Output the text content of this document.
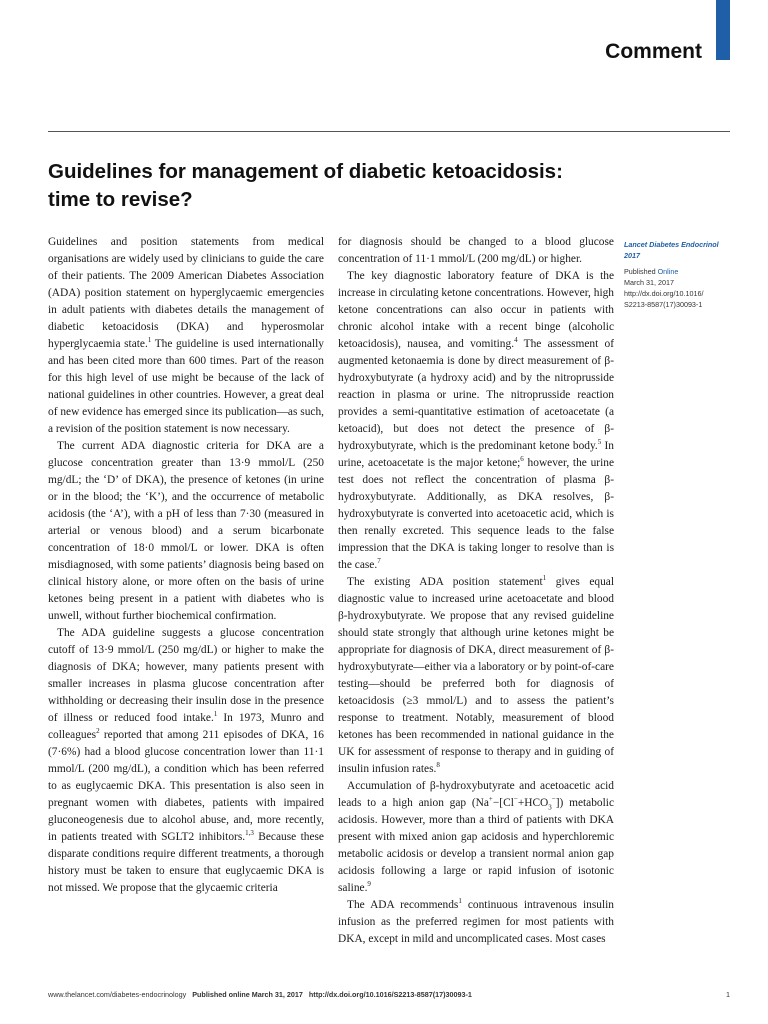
Comment
Guidelines for management of diabetic ketoacidosis:
time to revise?

Guidelines and position statements from medical organisations are widely used by clinicians to guide the care of their patients. The 2009 American Diabetes Association (ADA) position statement on hyperglycaemic emergencies in adult patients with diabetes details the management of diabetic ketoacidosis (DKA) and hyperosmolar hyperglycaemia state.$^1$ The guideline is used internationally and has been cited more than 600 times. Part of the reason for this high level of use might be because of the lack of national guidelines in other countries. However, a great deal of new evidence has emerged since its publication—as such, a revision of the position statement is now necessary.

The current ADA diagnostic criteria for DKA are a glucose concentration greater than 13·9 mmol/L (250 mg/dL; the ‘D’ of DKA), the presence of ketones (in urine or in the blood; the ‘K’), and the occurrence of metabolic acidosis (the ‘A’), with a pH of less than 7·30 (measured in arterial or venous blood) and a serum bicarbonate concentration of 18·0 mmol/L or lower. DKA is often misdiagnosed, with some patients’ diagnosis being based on clinical history alone, or more often on the basis of urine ketones being present in a patient with diabetes who is unwell, without further biochemical confirmation.

The ADA guideline suggests a glucose concentration cutoff of 13·9 mmol/L (250 mg/dL) or higher to make the diagnosis of DKA; however, many patients present with smaller increases in plasma glucose concentration after withholding or decreasing their insulin dose in the presence of illness or reduced food intake.$^1$ In 1973, Munro and colleagues$^2$ reported that among 211 episodes of DKA, 16 (7·6%) had a blood glucose concentration lower than 11·1 mmol/L (200 mg/dL), a condition which has been referred to as euglycaemic DKA. This presentation is also seen in pregnant women with diabetes, patients with impaired gluconeogenesis due to alcohol abuse, and, more recently, in patients treated with SGLT2 inhibitors.$^{1,3}$ Because these disparate conditions require different treatments, a thorough history must be taken to ensure that euglycaemic DKA is not missed. We propose that the glycaemic criteria

for diagnosis should be changed to a blood glucose concentration of 11·1 mmol/L (200 mg/dL) or higher.

The key diagnostic laboratory feature of DKA is the increase in circulating ketone concentrations. However, high ketone concentrations can also occur in patients with chronic alcohol intake with a recent binge (alcoholic ketoacidosis), nausea, and vomiting.$^4$ The assessment of augmented ketonaemia is done by direct measurement of β-hydroxybutyrate (a hydroxy acid) and by the nitroprusside reaction in plasma or urine. The nitroprusside reaction provides a semi-quantitative estimation of acetoacetate (a ketoacid), but does not detect the presence of β-hydroxybutyrate, which is the predominant ketone body.$^5$ In urine, acetoacetate is the major ketone;$^6$ however, the urine test does not reflect the concentration of plasma β-hydroxybutyrate. Additionally, as DKA resolves, β-hydroxybutyrate is converted into acetoacetic acid, which is then renally excreted. This sequence leads to the false impression that the DKA is taking longer to resolve than is the case.$^7$

The existing ADA position statement$^1$ gives equal diagnostic value to increased urine acetoacetate and blood β-hydroxybutyrate. We propose that any revised guideline should state strongly that although urine ketones might be appropriate for diagnosis of DKA, direct measurement of β-hydroxybutyrate—either via a laboratory or by point-of-care testing—should be preferred both for diagnosis of ketoacidosis (≥3 mmol/L) and to assess the patient’s response to treatment. Notably, measurement of blood ketones has been recommended in national guidance in the UK for assessment of response to therapy and in guiding of insulin infusion rates.$^8$

Accumulation of β-hydroxybutyrate and acetoacetic acid leads to a high anion gap $(Na^+-[Cl^-+HCO_3^-])$ metabolic acidosis. However, more than a third of patients with DKA present with mixed anion gap acidosis and hyperchloremic metabolic acidosis or develop a transient normal anion gap acidosis following a large or rapid infusion of isotonic saline.$^9$

The ADA recommends$^1$ continuous intravenous insulin infusion as the preferred regimen for most patients with DKA, except in mild and uncomplicated cases. Most cases

Lancet Diabetes Endocrinol 2017
Published Online
March 31, 2017
http://dx.doi.org/10.1016/
S2213-8587(17)30093-1
www.thelancet.com/diabetes-endocrinology Published online March 31, 2017 http://dx.doi.org/10.1016/S2213-8587(17)30093-1	1
